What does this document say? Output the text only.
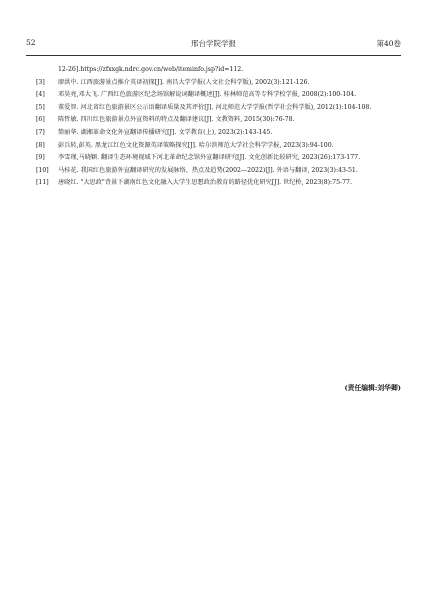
52	邢台学院学报	第40卷
12-26].https://zfxxgk.ndrc.gov.cn/web/iteminfo.jsp?id=112.
[3]	廖洪中. 江西旅游景点推介英译初探[J]. 南昌大学学报(人文社会科学版), 2002(3):121-126.
[4]	邓昊亮,邓大飞. 广西红色旅游区纪念场馆解说词翻译概述[J]. 桂林师范高等专科学校学报, 2008(2):100-104.
[5]	董爱智. 河北省红色旅游景区公示语翻译质量及其评价[J]. 河北师范大学学报(哲学社会科学版), 2012(1):104-108.
[6]	陈哲敏. 四川红色旅游景点外宣资料的特点及翻译建议[J]. 文教资料, 2015(30):76-78.
[7]	简丽华. 湖湘革命文化外宣翻译传播研究[J]. 文学教育(上), 2023(2):143-145.
[8]	彭兵转,彭英. 黑龙江红色文化资源英译策略探究[J]. 哈尔滨师范大学社会科学学报, 2023(3):94-100.
[9]	李雪瑾,马晓颖. 翻译生态环境视域下河北革命纪念馆外宣翻译研究[J]. 文化创新比较研究, 2023(26):173-177.
[10]	马桂花. 我国红色旅游外宣翻译研究的发展脉络、热点及趋势(2002—2022)[J]. 外语与翻译, 2023(3):43-51.
[11]	唐晓红. "大思政"背景下湖南红色文化融入大学生思想政治教育的路径优化研究[J]. 世纪桥, 2023(8):75-77.
(责任编辑:刘华卿)
